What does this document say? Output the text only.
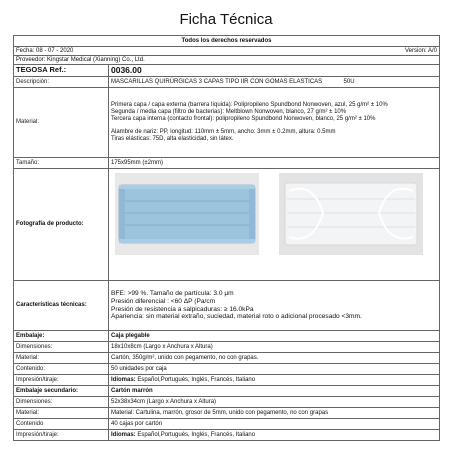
Ficha Técnica
Todos los derechos reservados	

Fecha: 08 - 07 - 2020 Version: A/0	

Proveedor: Kingstar Medical (Xianning) Co., Ltd.	
TEGOSA Ref.:	0036.00
Descripción:	MASCARILLAS QUIRÚRGICAS 3 CAPAS TIPO IIR CON GOMAS ELASTICAS 50U
Material:	Primera capa / capa externa (barrera líquida): Polipropileno Spundbond Nonwoven, azul, 25 g/m² ± 10%
Segunda / media capa (filtro de bacterias): Meltblown Nonwoven, blanco, 27 g/m² ± 10%
Tercera capa interna (contacto frontal): polipropileno Spundbond Nonwoven, blanco, 25 g/m² ± 10%
Alambre de nariz: PP, longitud: 110mm ± 5mm, ancho: 3mm ± 0.2mm, altura: 0.5mm
Tiras elásticas: 75D, alta elasticidad, sin látex.

Tamaño:	175x95mm (±2mm)
Fotografía de producto:	

Características técnicas:	BFE: >99 %. Tamaño de partícula: 3.0 μm
Presión diferencial : <60 ΔP (Pa/cm
Presión de resistencia a salpicaduras: ≥ 16.0kPa
Apariencia: sin material extraño, suciedad, material roto o adicional procesado <3mm.

Embalaje:	Caja plegable
Dimensiones:	18x10x8cm (Largo x Anchura x Altura)
Material:	Cartón, 350g/m², unido con pegamento, no con grapas.
Contenido:	50 unidades por caja
Impresión/tirajе:	Idiomas: Español,Portugués, Inglés, Francés, Italiano
Embalaje secundario:	Cartón marrón
Dimensiones:	52x38x34cm (Largo x Anchura x Altura)
Material:	Material: Cartulina, marrón, grosor de 5mm, unido con pegamento, no con grapas
Contenido	40 cajas por cartón
Impresión/tiraje:	Idiomas: Español,Portugués, Inglés, Francés, Italiano
